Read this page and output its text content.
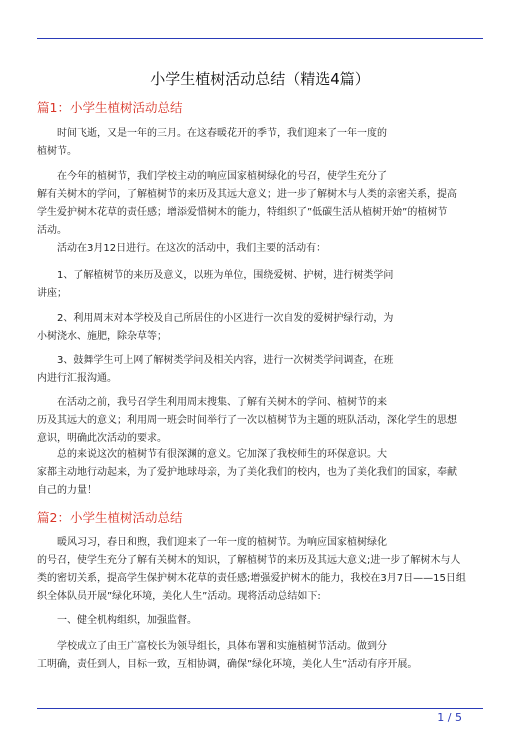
小学生植树活动总结（精选4篇）
篇1：小学生植树活动总结
时间飞逝，又是一年的三月。在这春暖花开的季节，我们迎来了一年一度的
植树节。
在今年的植树节，我们学校主动的响应国家植树绿化的号召，使学生充分了
解有关树木的学问，了解植树节的来历及其远大意义；进一步了解树木与人类的亲密关系，提高
学生爱护树木花草的责任感；增添爱惜树木的能力，特组织了”低碳生活从植树开始”的植树节
活动。
活动在3月12日进行。在这次的活动中，我们主要的活动有：
1、了解植树节的来历及意义，以班为单位，围绕爱树、护树，进行树类学问
讲座；
2、利用周末对本学校及自己所居住的小区进行一次自发的爱树护绿行动，为
小树浇水、施肥，除杂草等；
3、鼓舞学生可上网了解树类学问及相关内容，进行一次树类学问调查，在班
内进行汇报沟通。
在活动之前，我号召学生利用周末搜集、了解有关树木的学问、植树节的来
历及其远大的意义；利用周一班会时间举行了一次以植树节为主题的班队活动，深化学生的思想
意识，明确此次活动的要求。
总的来说这次的植树节有很深渊的意义。它加深了我校师生的环保意识。大
家都主动地行动起来，为了爱护地球母亲，为了美化我们的校内，也为了美化我们的国家，奉献
自己的力量！
篇2：小学生植树活动总结
暖风习习，春日和煦，我们迎来了一年一度的植树节。为响应国家植树绿化
的号召，使学生充分了解有关树木的知识，了解植树节的来历及其远大意义;进一步了解树木与人
类的密切关系，提高学生保护树木花草的责任感;增强爱护树木的能力，我校在3月7日——15日组
织全体队员开展”绿化环境，美化人生”活动。现将活动总结如下:
一、健全机构组织，加强监督。
学校成立了由王广富校长为领导组长，具体布署和实施植树节活动。做到分
工明确，责任到人，目标一致，互相协调，确保”绿化环境，美化人生”活动有序开展。
1 / 5
